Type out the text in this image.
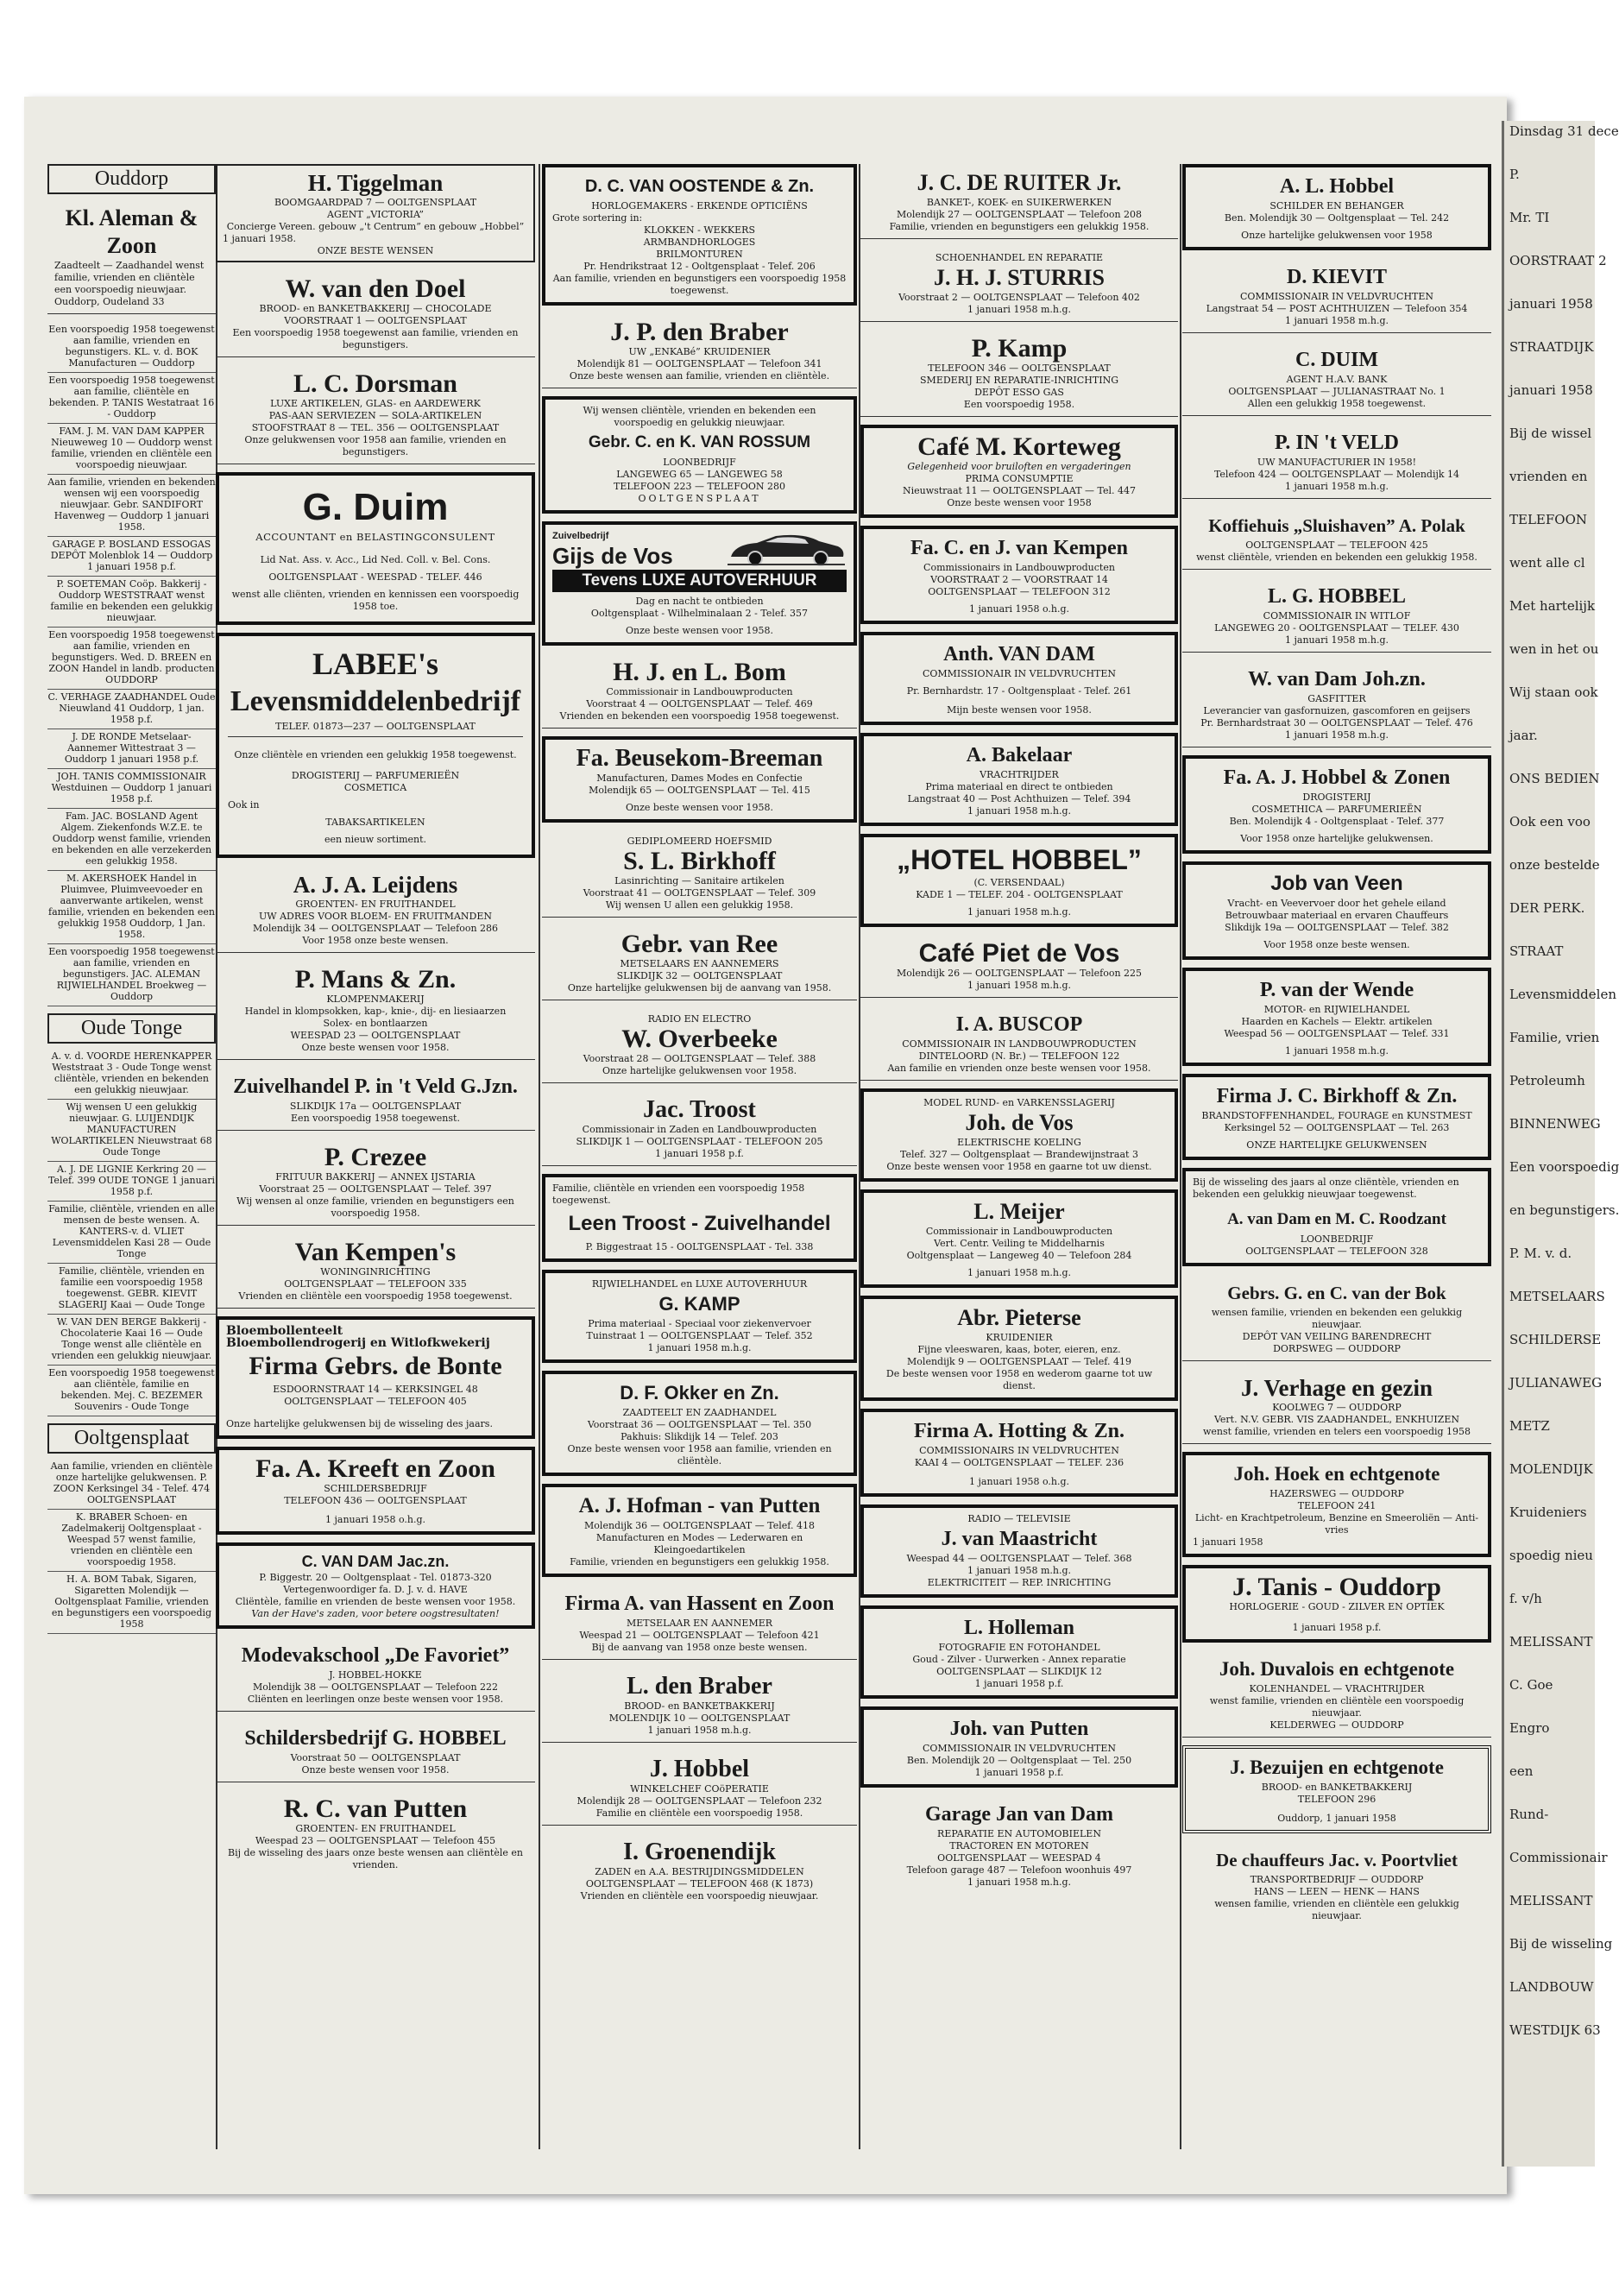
Dinsdag 31 dece
P.
Mr. TI
OORSTRAAT 2
januari 1958
STRAATDIJK
januari 1958
Bij de wissel
vrienden en
TELEFOON
went alle cl
Met hartelijk
wen in het ou
Wij staan ook
jaar.
ONS BEDIEN
Ook een voo
onze bestelde
DER PERK.
STRAAT
Levensmiddelen
Familie, vrien
Petroleumh
BINNENWEG
Een voorspoedig
en begunstigers.
P. M. v. d.
METSELAARS
SCHILDERSE
JULIANAWEG
METZ
MOLENDIJK
Kruideniers
spoedig nieu
f. v/h
MELISSANT
C. Goe
Engro
een
Rund-
Commissionair
MELISSANT
Bij de wisseling
LANDBOUW
WESTDIJK 63
Ouddorp
Kl. Aleman & Zoon
Zaadteelt — Zaadhandel wenst familie, vrienden en cliëntèle een voorspoedig nieuwjaar. Ouddorp, Oudeland 33
Een voorspoedig 1958 toegewenst aan familie, vrienden en begunstigers. KL. v. d. BOK Manufacturen — Ouddorp
Een voorspoedig 1958 toegewenst aan familie, cliëntèle en bekenden. P. TANIS Westatraat 16 - Ouddorp
FAM. J. M. VAN DAM KAPPER Nieuweweg 10 — Ouddorp wenst familie, vrienden en cliëntèle een voorspoedig nieuwjaar.
Aan familie, vrienden en bekenden wensen wij een voorspoedig nieuwjaar. Gebr. SANDIFORT Havenweg — Ouddorp 1 januari 1958.
GARAGE P. BOSLAND ESSOGAS DEPÔT Molenblok 14 — Ouddorp 1 januari 1958 p.f.
P. SOETEMAN Coöp. Bakkerij - Ouddorp WESTSTRAAT wenst familie en bekenden een gelukkig nieuwjaar.
Een voorspoedig 1958 toegewenst aan familie, vrienden en begunstigers. Wed. D. BREEN en ZOON Handel in landb. producten OUDDORP
C. VERHAGE ZAADHANDEL Oude Nieuwland 41 Ouddorp, 1 jan. 1958 p.f.
J. DE RONDE Metselaar-Aannemer Wittestraat 3 — Ouddorp 1 januari 1958 p.f.
JOH. TANIS COMMISSIONAIR Westduinen — Ouddorp 1 januari 1958 p.f.
Fam. JAC. BOSLAND Agent Algem. Ziekenfonds W.Z.E. te Ouddorp wenst familie, vrienden en bekenden en alle verzekerden een gelukkig 1958.
M. AKERSHOEK Handel in Pluimvee, Pluimveevoeder en aanverwante artikelen, wenst familie, vrienden en bekenden een gelukkig 1958 Ouddorp, 1 Jan. 1958.
Een voorspoedig 1958 toegewenst aan familie, vrienden en begunstigers. JAC. ALEMAN RIJWIELHANDEL Broekweg — Ouddorp
Oude Tonge
A. v. d. VOORDE HERENKAPPER Weststraat 3 - Oude Tonge wenst cliëntèle, vrienden en bekenden een gelukkig nieuwjaar.
Wij wensen U een gelukkig nieuwjaar. G. LUIJENDIJK MANUFACTUREN WOLARTIKELEN Nieuwstraat 68 Oude Tonge
A. J. DE LIGNIE Kerkring 20 — Telef. 399 OUDE TONGE 1 januari 1958 p.f.
Familie, cliëntèle, vrienden en alle mensen de beste wensen. A. KANTERS-v. d. VLIET Levensmiddelen Kasi 28 — Oude Tonge
Familie, cliëntèle, vrienden en familie een voorspoedig 1958 toegewenst. GEBR. KIEVIT SLAGERIJ Kaai — Oude Tonge
W. VAN DEN BERGE Bakkerij - Chocolaterie Kaai 16 — Oude Tonge wenst alle cliëntèle en vrienden een gelukkig nieuwjaar.
Een voorspoedig 1958 toegewenst aan cliëntèle, familie en bekenden. Mej. C. BEZEMER Souvenirs - Oude Tonge
Ooltgensplaat
Aan familie, vrienden en cliëntèle onze hartelijke gelukwensen. P. ZOON Kerksingel 34 - Telef. 474 OOLTGENSPLAAT
K. BRABER Schoen- en Zadelmakerij Ooltgensplaat - Weespad 57 wenst familie, vrienden en cliëntèle een voorspoedig 1958.
H. A. BOM Tabak, Sigaren, Sigaretten Molendijk — Ooltgensplaat Familie, vrienden en begunstigers een voorspoedig 1958
H. Tiggelman
BOOMGAARDPAD 7 — OOLTGENSPLAAT
AGENT „VICTORIA”
Concierge Vereen. gebouw „'t Centrum” en gebouw „Hobbel”
1 januari 1958.
ONZE BESTE WENSEN
W. van den Doel
BROOD- en BANKETBAKKERIJ — CHOCOLADE
VOORSTRAAT 1 — OOLTGENSPLAAT
Een voorspoedig 1958 toegewenst aan familie, vrienden en begunstigers.
L. C. Dorsman
LUXE ARTIKELEN, GLAS- en AARDEWERK
PAS-AAN SERVIEZEN — SOLA-ARTIKELEN
STOOFSTRAAT 8 — TEL. 356 — OOLTGENSPLAAT
Onze gelukwensen voor 1958 aan familie, vrienden en begunstigers.
G. Duim
ACCOUNTANT en BELASTINGCONSULENT
Lid Nat. Ass. v. Acc., Lid Ned. Coll. v. Bel. Cons.
OOLTGENSPLAAT - WEESPAD - TELEF. 446
wenst alle cliënten, vrienden en kennissen een voorspoedig 1958 toe.
LABEE's
Levensmiddelenbedrijf
TELEF. 01873—237 — OOLTGENSPLAAT
Onze cliëntèle en vrienden een gelukkig 1958 toegewenst.
DROGISTERIJ — PARFUMERIEËN
COSMETICA
Ook in
TABAKSARTIKELEN
een nieuw sortiment.
A. J. A. Leijdens
GROENTEN- EN FRUITHANDEL
UW ADRES VOOR BLOEM- EN FRUITMANDEN
Molendijk 34 — OOLTGENSPLAAT — Telefoon 286
Voor 1958 onze beste wensen.
P. Mans & Zn.
KLOMPENMAKERIJ
Handel in klompsokken, kap-, knie-, dij- en liesiaarzen
Solex- en bontlaarzen
WEESPAD 23 — OOLTGENSPLAAT
Onze beste wensen voor 1958.
Zuivelhandel P. in 't Veld G.Jzn.
SLIKDIJK 17a — OOLTGENSPLAAT
Een voorspoedig 1958 toegewenst.
P. Crezee
FRITUUR BAKKERIJ — ANNEX IJSTARIA
Voorstraat 25 — OOLTGENSPLAAT — Telef. 397
Wij wensen al onze familie, vrienden en begunstigers een voorspoedig 1958.
Van Kempen's
WONINGINRICHTING
OOLTGENSPLAAT — TELEFOON 335
Vrienden en cliëntèle een voorspoedig 1958 toegewenst.
Bloembollenteelt
Bloembollendrogerij en Witlofkwekerij
Firma Gebrs. de Bonte
ESDOORNSTRAAT 14 — KERKSINGEL 48
OOLTGENSPLAAT — TELEFOON 405
Onze hartelijke gelukwensen bij de wisseling des jaars.
Fa. A. Kreeft en Zoon
SCHILDERSBEDRIJF
TELEFOON 436 — OOLTGENSPLAAT
1 januari 1958 o.h.g.
C. VAN DAM Jac.zn.
P. Biggestr. 20 — Ooltgensplaat - Tel. 01873-320
Vertegenwoordiger fa. D. J. v. d. HAVE
Cliëntèle, familie en vrienden de beste wensen voor 1958.
Van der Have's zaden, voor betere oogstresultaten!
Modevakschool „De Favoriet”
J. HOBBEL-HOKKE
Molendijk 38 — OOLTGENSPLAAT — Telefoon 222
Cliënten en leerlingen onze beste wensen voor 1958.
Schildersbedrijf G. HOBBEL
Voorstraat 50 — OOLTGENSPLAAT
Onze beste wensen voor 1958.
R. C. van Putten
GROENTEN- EN FRUITHANDEL
Weespad 23 — OOLTGENSPLAAT — Telefoon 455
Bij de wisseling des jaars onze beste wensen aan cliëntèle en vrienden.
D. C. VAN OOSTENDE & Zn.
HORLOGEMAKERS - ERKENDE OPTICIËNS
Grote sortering in:
KLOKKEN - WEKKERS
ARMBANDHORLOGES
BRILMONTUREN
Pr. Hendrikstraat 12 - Ooltgensplaat - Telef. 206
Aan familie, vrienden en begunstigers een voorspoedig 1958 toegewenst.
J. P. den Braber
UW „ENKABé” KRUIDENIER
Molendijk 81 — OOLTGENSPLAAT — Telefoon 341
Onze beste wensen aan familie, vrienden en cliëntèle.
Wij wensen cliëntèle, vrienden en bekenden een voorspoedig en gelukkig nieuwjaar.
Gebr. C. en K. VAN ROSSUM
LOONBEDRIJF
LANGEWEG 65 — LANGEWEG 58
TELEFOON 223 — TELEFOON 280
OOLTGENSPLAAT
Zuivelbedrijf
Gijs de Vos
Tevens LUXE AUTOVERHUUR
Dag en nacht te ontbieden
Ooltgensplaat - Wilhelminalaan 2 - Telef. 357
Onze beste wensen voor 1958.
H. J. en L. Bom
Commissionair in Landbouwproducten
Voorstraat 4 — OOLTGENSPLAAT — Telef. 469
Vrienden en bekenden een voorspoedig 1958 toegewenst.
Fa. Beusekom-Breeman
Manufacturen, Dames Modes en Confectie
Molendijk 65 — OOLTGENSPLAAT — Tel. 415
Onze beste wensen voor 1958.
GEDIPLOMEERD HOEFSMID
S. L. Birkhoff
Lasinrichting — Sanitaire artikelen
Voorstraat 41 — OOLTGENSPLAAT — Telef. 309
Wij wensen U allen een gelukkig 1958.
Gebr. van Ree
METSELAARS EN AANNEMERS
SLIKDIJK 32 — OOLTGENSPLAAT
Onze hartelijke gelukwensen bij de aanvang van 1958.
RADIO EN ELECTRO
W. Overbeeke
Voorstraat 28 — OOLTGENSPLAAT — Telef. 388
Onze hartelijke gelukwensen voor 1958.
Jac. Troost
Commissionair in Zaden en Landbouwproducten
SLIKDIJK 1 — OOLTGENSPLAAT - TELEFOON 205
1 januari 1958 p.f.
Familie, cliëntèle en vrienden een voorspoedig 1958 toegewenst.
Leen Troost - Zuivelhandel
P. Biggestraat 15 - OOLTGENSPLAAT - Tel. 338
RIJWIELHANDEL en LUXE AUTOVERHUUR
G. KAMP
Prima materiaal - Speciaal voor ziekenvervoer
Tuinstraat 1 — OOLTGENSPLAAT — Telef. 352
1 januari 1958 m.h.g.
D. F. Okker en Zn.
ZAADTEELT EN ZAADHANDEL
Voorstraat 36 — OOLTGENSPLAAT — Tel. 350
Pakhuis: Slikdijk 14 — Telef. 203
Onze beste wensen voor 1958 aan familie, vrienden en cliëntèle.
A. J. Hofman - van Putten
Molendijk 36 — OOLTGENSPLAAT — Telef. 418
Manufacturen en Modes — Lederwaren en Kleingoedartikelen
Familie, vrienden en begunstigers een gelukkig 1958.
Firma A. van Hassent en Zoon
METSELAAR EN AANNEMER
Weespad 21 — OOLTGENSPLAAT — Telefoon 421
Bij de aanvang van 1958 onze beste wensen.
L. den Braber
BROOD- en BANKETBAKKERIJ
MOLENDIJK 10 — OOLTGENSPLAAT
1 januari 1958 m.h.g.
J. Hobbel
WINKELCHEF COöPERATIE
Molendijk 28 — OOLTGENSPLAAT — Telefoon 232
Familie en cliëntèle een voorspoedig 1958.
I. Groenendijk
ZADEN en A.A. BESTRIJDINGSMIDDELEN
OOLTGENSPLAAT — TELEFOON 468 (K 1873)
Vrienden en cliëntèle een voorspoedig nieuwjaar.
J. C. DE RUITER Jr.
BANKET-, KOEK- en SUIKERWERKEN
Molendijk 27 — OOLTGENSPLAAT — Telefoon 208
Familie, vrienden en begunstigers een gelukkig 1958.
SCHOENHANDEL EN REPARATIE
J. H. J. STURRIS
Voorstraat 2 — OOLTGENSPLAAT — Telefoon 402
1 januari 1958 m.h.g.
P. Kamp
TELEFOON 346 — OOLTGENSPLAAT
SMEDERIJ EN REPARATIE-INRICHTING
DEPÔT ESSO GAS
Een voorspoedig 1958.
Café M. Korteweg
Gelegenheid voor bruiloften en vergaderingen
PRIMA CONSUMPTIE
Nieuwstraat 11 — OOLTGENSPLAAT — Tel. 447
Onze beste wensen voor 1958
Fa. C. en J. van Kempen
Commissionairs in Landbouwproducten
VOORSTRAAT 2 — VOORSTRAAT 14
OOLTGENSPLAAT — TELEFOON 312
1 januari 1958 o.h.g.
Anth. VAN DAM
COMMISSIONAIR IN VELDVRUCHTEN
Pr. Bernhardstr. 17 - Ooltgensplaat - Telef. 261
Mijn beste wensen voor 1958.
A. Bakelaar
VRACHTRIJDER
Prima materiaal en direct te ontbieden
Langstraat 40 — Post Achthuizen — Telef. 394
1 januari 1958 m.h.g.
„HOTEL HOBBEL”
(C. VERSENDAAL)
KADE 1 — TELEF. 204 - OOLTGENSPLAAT
1 januari 1958 m.h.g.
Café Piet de Vos
Molendijk 26 — OOLTGENSPLAAT — Telefoon 225
1 januari 1958 m.h.g.
I. A. BUSCOP
COMMISSIONAIR IN LANDBOUWPRODUCTEN
DINTELOORD (N. Br.) — TELEFOON 122
Aan familie en vrienden onze beste wensen voor 1958.
MODEL RUND- en VARKENSSLAGERIJ
Joh. de Vos
ELEKTRISCHE KOELING
Telef. 327 — Ooltgensplaat — Brandewijnstraat 3
Onze beste wensen voor 1958 en gaarne tot uw dienst.
L. Meijer
Commissionair in Landbouwproducten
Vert. Centr. Veiling te Middelharnis
Ooltgensplaat — Langeweg 40 — Telefoon 284
1 januari 1958 m.h.g.
Abr. Pieterse
KRUIDENIER
Fijne vleeswaren, kaas, boter, eieren, enz.
Molendijk 9 — OOLTGENSPLAAT — Telef. 419
De beste wensen voor 1958 en wederom gaarne tot uw dienst.
Firma A. Hotting & Zn.
COMMISSIONAIRS IN VELDVRUCHTEN
KAAI 4 — OOLTGENSPLAAT — TELEF. 236
1 januari 1958 o.h.g.
RADIO — TELEVISIE
J. van Maastricht
Weespad 44 — OOLTGENSPLAAT — Telef. 368
1 januari 1958 m.h.g.
ELEKTRICITEIT — REP. INRICHTING
L. Holleman
FOTOGRAFIE EN FOTOHANDEL
Goud - Zilver - Uurwerken - Annex reparatie
OOLTGENSPLAAT — SLIKDIJK 12
1 januari 1958 p.f.
Joh. van Putten
COMMISSIONAIR IN VELDVRUCHTEN
Ben. Molendijk 20 — Ooltgensplaat — Tel. 250
1 januari 1958 p.f.
Garage Jan van Dam
REPARATIE EN AUTOMOBIELEN
TRACTOREN EN MOTOREN
OOLTGENSPLAAT — WEESPAD 4
Telefoon garage 487 — Telefoon woonhuis 497
1 januari 1958 m.h.g.
A. L. Hobbel
SCHILDER EN BEHANGER
Ben. Molendijk 30 — Ooltgensplaat — Tel. 242
Onze hartelijke gelukwensen voor 1958
D. KIEVIT
COMMISSIONAIR IN VELDVRUCHTEN
Langstraat 54 — POST ACHTHUIZEN — Telefoon 354
1 januari 1958 m.h.g.
C. DUIM
AGENT H.A.V. BANK
OOLTGENSPLAAT — JULIANASTRAAT No. 1
Allen een gelukkig 1958 toegewenst.
P. IN 't VELD
UW MANUFACTURIER IN 1958!
Telefoon 424 — OOLTGENSPLAAT — Molendijk 14
1 januari 1958 m.h.g.
Koffiehuis „Sluishaven” A. Polak
OOLTGENSPLAAT — TELEFOON 425
wenst cliëntèle, vrienden en bekenden een gelukkig 1958.
L. G. HOBBEL
COMMISSIONAIR IN WITLOF
LANGEWEG 20 - OOLTGENSPLAAT — TELEF. 430
1 januari 1958 m.h.g.
W. van Dam Joh.zn.
GASFITTER
Leverancier van gasfornuizen, gascomforen en geijsers
Pr. Bernhardstraat 30 — OOLTGENSPLAAT — Telef. 476
1 januari 1958 m.h.g.
Fa. A. J. Hobbel & Zonen
DROGISTERIJ
COSMETHICA — PARFUMERIEËN
Ben. Molendijk 4 - Ooltgensplaat - Telef. 377
Voor 1958 onze hartelijke gelukwensen.
Job van Veen
Vracht- en Veevervoer door het gehele eiland
Betrouwbaar materiaal en ervaren Chauffeurs
Slikdijk 19a — OOLTGENSPLAAT — Telef. 382
Voor 1958 onze beste wensen.
P. van der Wende
MOTOR- en RIJWIELHANDEL
Haarden en Kachels — Elektr. artikelen
Weespad 56 — OOLTGENSPLAAT — Telef. 331
1 januari 1958 m.h.g.
Firma J. C. Birkhoff & Zn.
BRANDSTOFFENHANDEL, FOURAGE en KUNSTMEST
Kerksingel 52 — OOLTGENSPLAAT — Tel. 263
ONZE HARTELIJKE GELUKWENSEN
Bij de wisseling des jaars al onze cliëntèle, vrienden en bekenden een gelukkig nieuwjaar toegewenst.
A. van Dam en M. C. Roodzant
LOONBEDRIJF
OOLTGENSPLAAT — TELEFOON 328
Gebrs. G. en C. van der Bok
wensen familie, vrienden en bekenden een gelukkig nieuwjaar.
DEPÔT VAN VEILING BARENDRECHT
DORPSWEG — OUDDORP
J. Verhage en gezin
KOOLWEG 7 — OUDDORP
Vert. N.V. GEBR. VIS ZAADHANDEL, ENKHUIZEN
wenst familie, vrienden en telers een voorspoedig 1958
Joh. Hoek en echtgenote
HAZERSWEG — OUDDORP
TELEFOON 241
Licht- en Krachtpetroleum, Benzine en Smeeroliën — Anti-vries
1 januari 1958
J. Tanis - Ouddorp
HORLOGERIE - GOUD - ZILVER EN OPTIEK
1 januari 1958 p.f.
Joh. Duvalois en echtgenote
KOLENHANDEL — VRACHTRIJDER
wenst familie, vrienden en cliëntèle een voorspoedig nieuwjaar.
KELDERWEG — OUDDORP
J. Bezuijen en echtgenote
BROOD- en BANKETBAKKERIJ
TELEFOON 296
Ouddorp, 1 januari 1958
De chauffeurs Jac. v. Poortvliet
TRANSPORTBEDRIJF — OUDDORP
HANS — LEEN — HENK — HANS
wensen familie, vrienden en cliëntèle een gelukkig nieuwjaar.
